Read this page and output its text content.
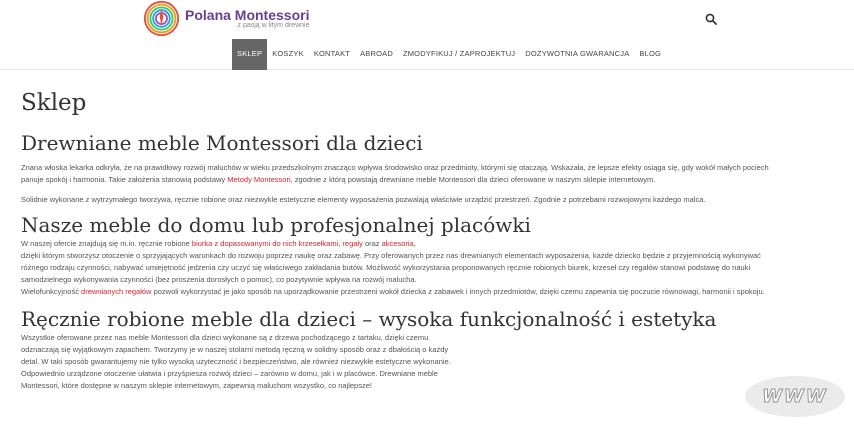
Polana Montessori
z pasją w litym drewnie
SKLEP	KOSZYK	KONTAKT	ABROAD	ZMODYFIKUJ / ZAPROJEKTUJ	DOŻYWOTNIA GWARANCJA	BLOG
Sklep
Drewniane meble Montessori dla dzieci

Znana włoska lekarka odkryła, że na prawidłowy rozwój maluchów w wieku przedszkolnym znacząco wpływa środowisko oraz przedmioty, którymi się otaczają. Wskazała, że lepsze efekty osiąga się, gdy wokół małych pociech panuje spokój i harmonia. Takie założenia stanowią podstawy Metody Montessori, zgodnie z którą powstają drewniane meble Montessori dla dzieci oferowane w naszym sklepie internetowym.

Solidnie wykonane z wytrzymałego tworzywa, ręcznie robione oraz niezwykle estetyczne elementy wyposażenia pozwalają właściwie urządzić przestrzeń. Zgodnie z potrzebami rozwojowymi każdego malca.

Nasze meble do domu lub profesjonalnej placówki

W naszej ofercie znajdują się m.in. ręcznie robione biurka z dopasowanymi do nich krzesełkami, regały oraz akcesoria,

dzięki którym stworzysz otoczenie o sprzyjających warunkach do rozwoju poprzez naukę oraz zabawę. Przy oferowanych przez nas drewnianych elementach wyposażenia, każde dziecko będzie z przyjemnością wykonywać różnego rodzaju czynności, nabywać umiejętność jedzenia czy uczyć się właściwego zakładania butów. Możliwość wykorzystania proponowanych ręcznie robionych biurek, krzeseł czy regałów stanowi podstawę do nauki samodzielnego wykonywania czynności (bez proszenia dorosłych o pomoc), co pozytywnie wpływa na rozwój malucha.

Wielofunkcyjność drewnianych regałów pozwoli wykorzystać je jako sposób na uporządkowanie przestrzeni wokół dziecka z zabawek i innych przedmiotów, dzięki czemu zapewnia się poczucie równowagi, harmonii i spokoju.

Ręcznie robione meble dla dzieci – wysoka funkcjonalność i estetyka

Wszystkie oferowane przez nas meble Montessori dla dzieci wykonane są z drzewa pochodzącego z tartaku, dzięki czemu odznaczają się wyjątkowym zapachem. Tworzymy je w naszej stolarni metodą ręczną w solidny sposób oraz z dbałością o każdy detal. W taki sposób gwarantujemy nie tylko wysoką użyteczność i bezpieczeństwo, ale również niezwykłe estetyczne wykonanie.

Odpowiednio urządzone otoczenie ułatwia i przyśpiesza rozwój dzieci – zarówno w domu, jak i w placówce. Drewniane meble Montessori, które dostępne w naszym sklepie internetowym, zapewnią maluchom wszystko, co najlepsze!

WWW
